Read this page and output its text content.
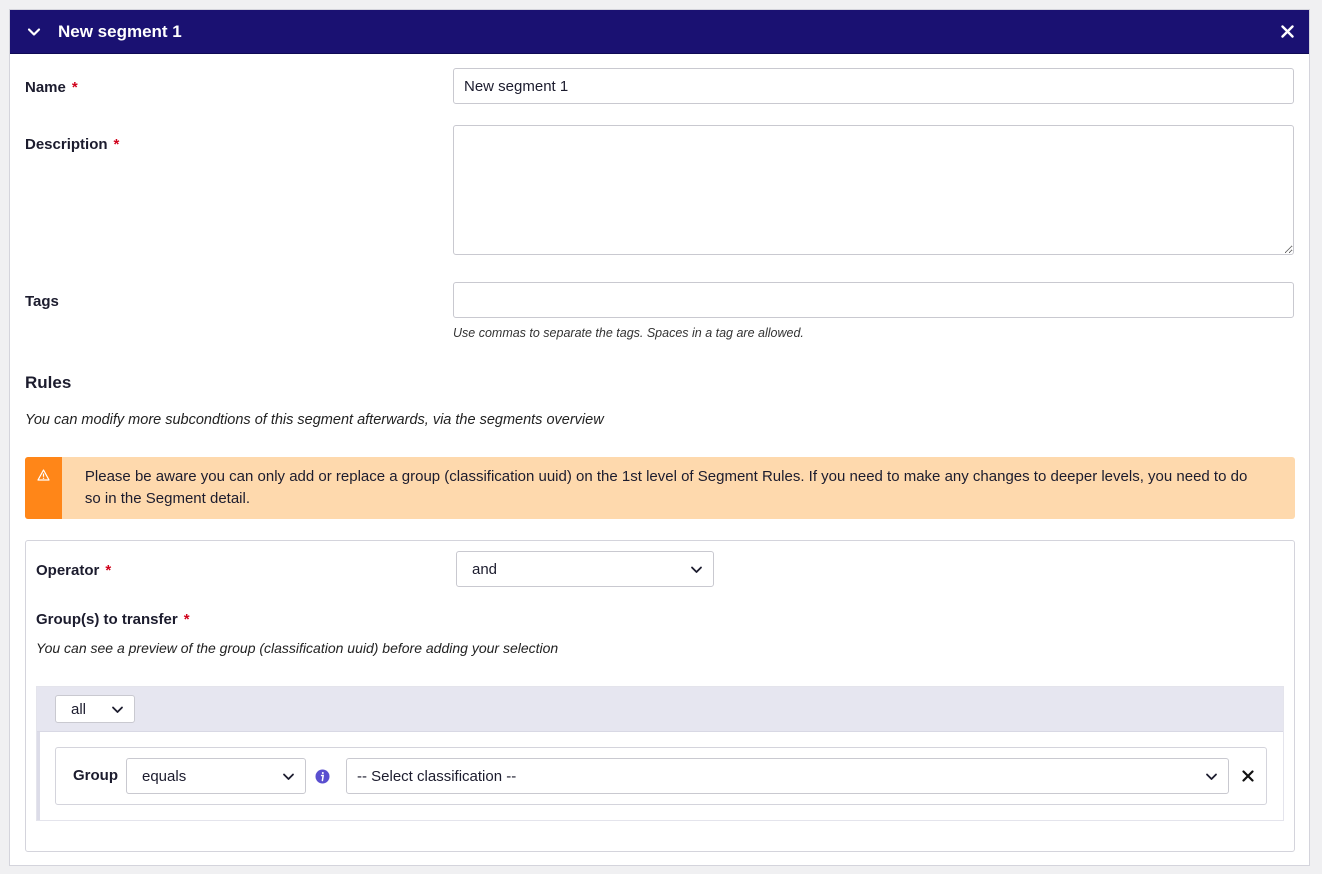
New segment 1
Name *
New segment 1
Description *
Tags
Use commas to separate the tags. Spaces in a tag are allowed.
Rules
You can modify more subcondtions of this segment afterwards, via the segments overview
Please be aware you can only add or replace a group (classification uuid) on the 1st level of Segment Rules. If you need to make any changes to deeper levels, you need to do so in the Segment detail.
Operator *	and
Group(s) to transfer *
You can see a preview of the group (classification uuid) before adding your selection
all
Group equals	-- Select classification --
